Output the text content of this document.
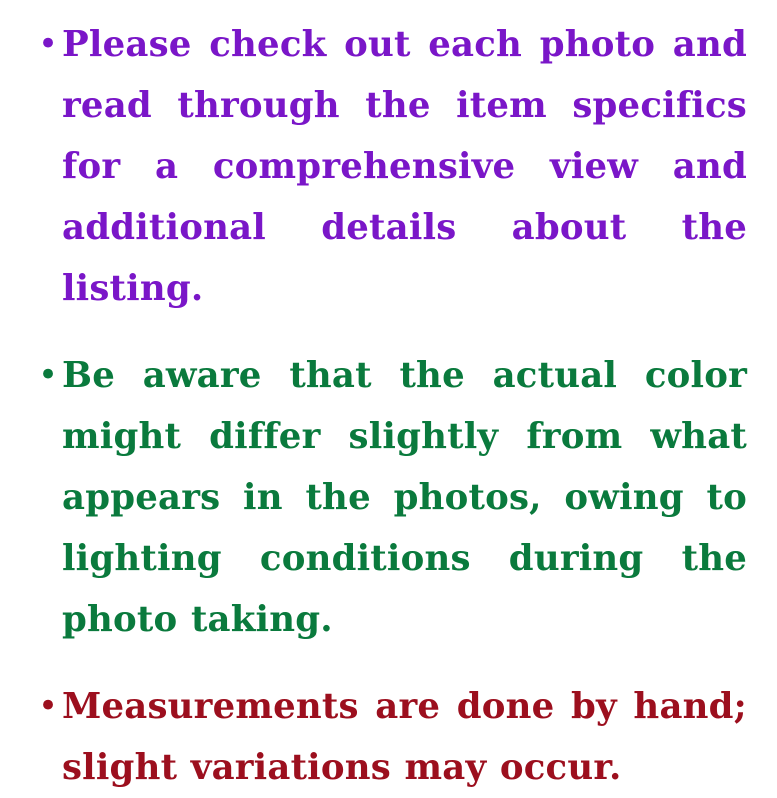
• Please check out each photo and read through the item specifics for a comprehensive view and additional details about the listing.
• Be aware that the actual color might differ slightly from what appears in the photos, owing to lighting conditions during the photo taking.
• Measurements are done by hand; slight variations may occur.
